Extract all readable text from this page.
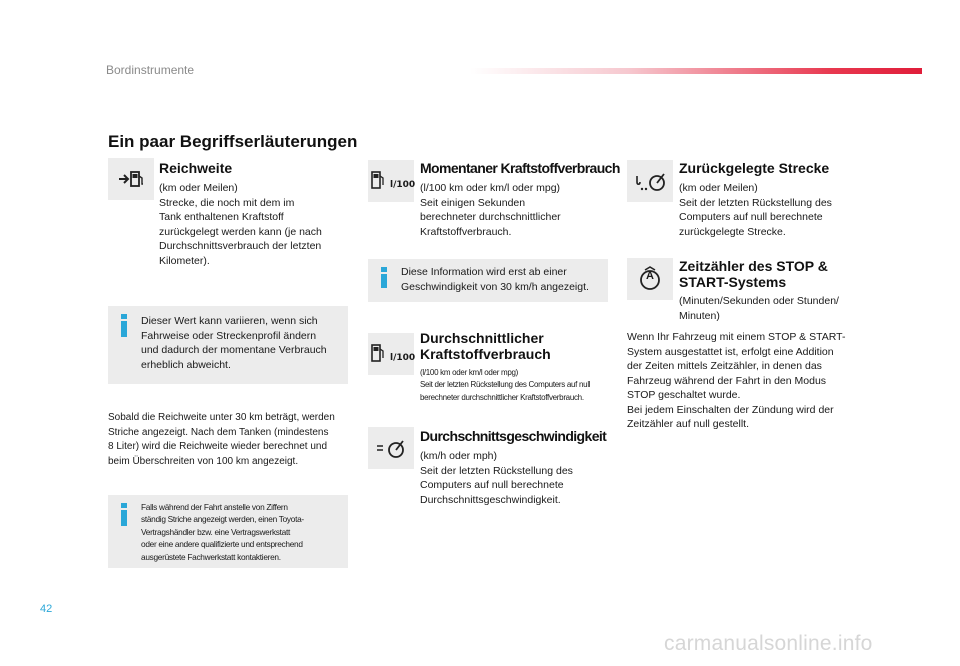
Bordinstrumente
Ein paar Begriffserläuterungen
Reichweite
(km oder Meilen)
Strecke, die noch mit dem im
Tank enthaltenen Kraftstoff
zurückgelegt werden kann (je nach
Durchschnittsverbrauch der letzten
Kilometer).
Dieser Wert kann variieren, wenn sich
Fahrweise oder Streckenprofil ändern
und dadurch der momentane Verbrauch
erheblich abweicht.
Sobald die Reichweite unter 30 km beträgt, werden
Striche angezeigt. Nach dem Tanken (mindestens
8 Liter) wird die Reichweite wieder berechnet und
beim Überschreiten von 100 km angezeigt.
Falls während der Fahrt anstelle von Ziffern
ständig Striche angezeigt werden, einen Toyota-
Vertragshändler bzw. eine Vertragswerkstatt
oder eine andere qualifizierte und entsprechend
ausgerüstete Fachwerkstatt kontaktieren.
l/100
Momentaner Kraftstoffverbrauch
(l/100 km oder km/l oder mpg)
Seit einigen Sekunden
berechneter durchschnittlicher
Kraftstoffverbrauch.
Diese Information wird erst ab einer
Geschwindigkeit von 30 km/h angezeigt.
l/100
Durchschnittlicher
Kraftstoffverbrauch
(l/100 km oder km/l oder mpg)
Seit der letzten Rückstellung des Computers auf null
berechneter durchschnittlicher Kraftstoffverbrauch.
Durchschnittsgeschwindigkeit
(km/h oder mph)
Seit der letzten Rückstellung des
Computers auf null berechnete
Durchschnittsgeschwindigkeit.
Zurückgelegte Strecke
(km oder Meilen)
Seit der letzten Rückstellung des
Computers auf null berechnete
zurückgelegte Strecke.
A
Zeitzähler des STOP &
START-Systems
(Minuten/Sekunden oder Stunden/
Minuten)
Wenn Ihr Fahrzeug mit einem STOP & START-
System ausgestattet ist, erfolgt eine Addition
der Zeiten mittels Zeitzähler, in denen das
Fahrzeug während der Fahrt in den Modus
STOP geschaltet wurde.
Bei jedem Einschalten der Zündung wird der
Zeitzähler auf null gestellt.
42
carmanualsonline.info
